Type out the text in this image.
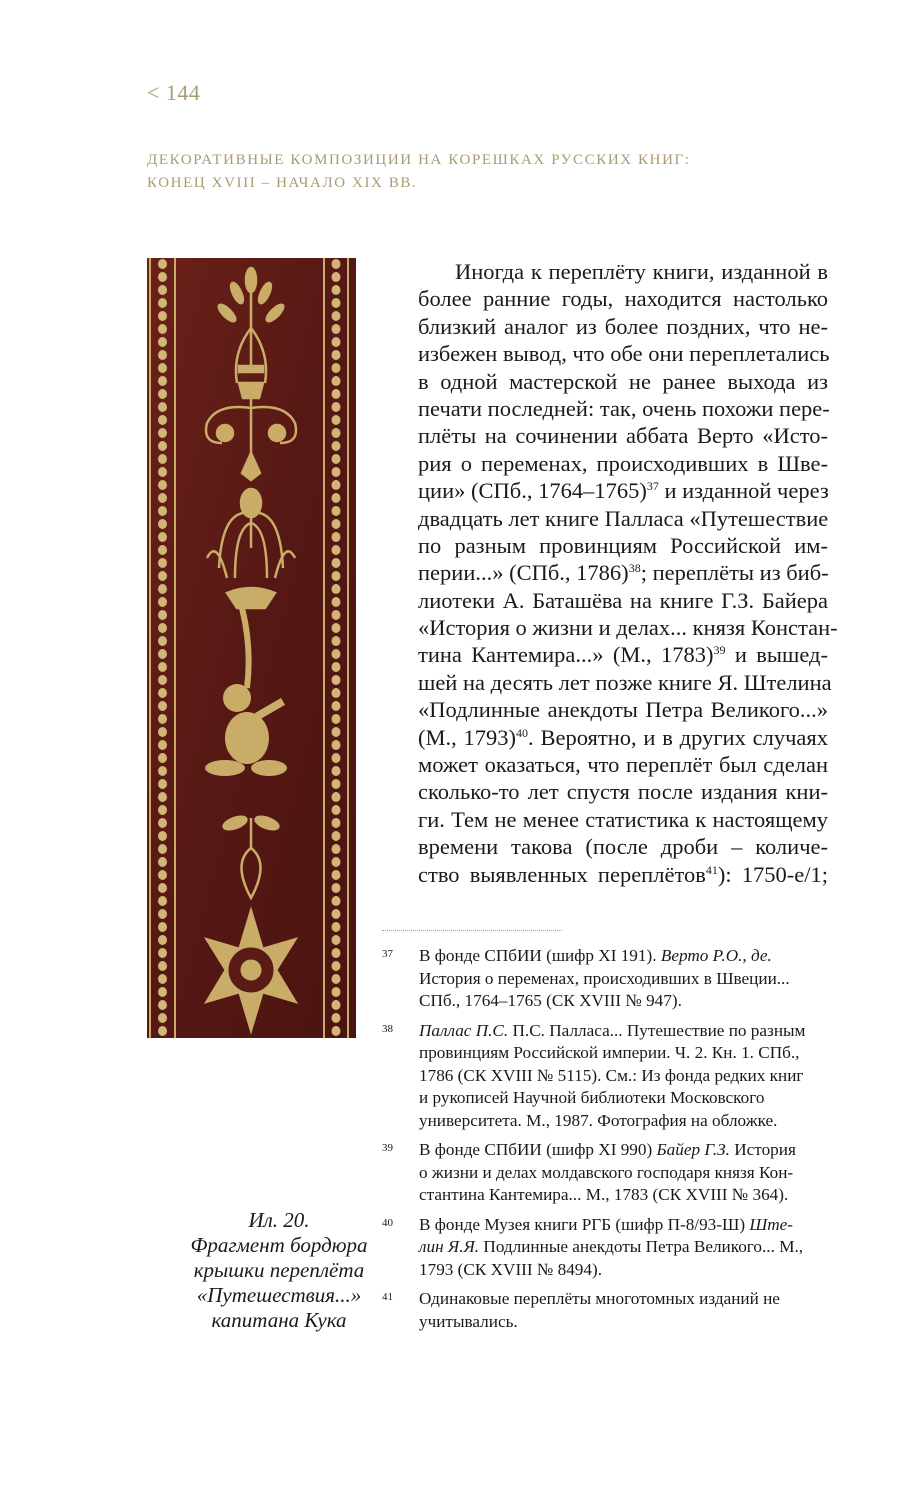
< 144
ДЕКОРАТИВНЫЕ КОМПОЗИЦИИ НА КОРЕШКАХ РУССКИХ КНИГ:
КОНЕЦ XVIII – НАЧАЛО XIX ВВ.
Ил. 20.
Фрагмент бордюра
крышки переплёта
«Путешествия...»
капитана Кука
Иногда к переплёту книги, изданной в
более ранние годы, находится настолько
близкий аналог из более поздних, что не-
избежен вывод, что обе они переплетались
в одной мастерской не ранее выхода из
печати последней: так, очень похожи пере-
плёты на сочинении аббата Верто «Исто-
рия о переменах, происходивших в Шве-
ции» (СПб., 1764–1765)$^{37}$ и изданной через
двадцать лет книге Палласа «Путешествие
по разным провинциям Российской им-
перии...» (СПб., 1786)$^{38}$; переплёты из биб-
лиотеки А. Баташёва на книге Г.З. Байера
«История о жизни и делах... князя Констан-
тина Кантемира...» (М., 1783)$^{39}$ и вышед-
шей на десять лет позже книге Я. Штелина
«Подлинные анекдоты Петра Великого...»
(М., 1793)$^{40}$. Вероятно, и в других случаях
может оказаться, что переплёт был сделан
сколько-то лет спустя после издания кни-
ги. Тем не менее статистика к настоящему
времени такова (после дроби – количе-
ство выявленных переплётов$^{41}$): 1750-е/1;
37	В фонде СПбИИ (шифр XI 191). Верто Р.О., де.
История о переменах, происходивших в Швеции...
СПб., 1764–1765 (СК XVIII № 947).
38	Паллас П.С. П.С. Палласа... Путешествие по разным
провинциям Российской империи. Ч. 2. Кн. 1. СПб.,
1786 (СК XVIII № 5115). См.: Из фонда редких книг
и рукописей Научной библиотеки Московского
университета. М., 1987. Фотография на обложке.
39	В фонде СПбИИ (шифр XI 990) Байер Г.З. История
о жизни и делах молдавского господаря князя Кон-
стантина Кантемира... М., 1783 (СК XVIII № 364).
40	В фонде Музея книги РГБ (шифр П-8/93-Ш) Ште-
лин Я.Я. Подлинные анекдоты Петра Великого... М.,
1793 (СК XVIII № 8494).
41	Одинаковые переплёты многотомных изданий не
учитывались.
